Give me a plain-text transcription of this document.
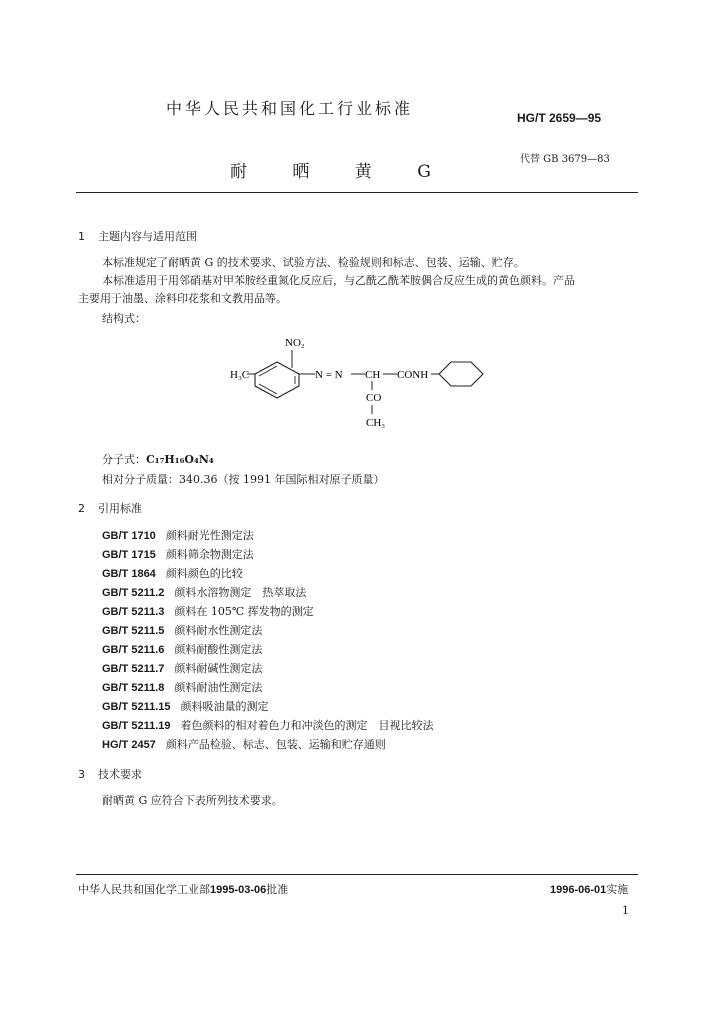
中华人民共和国化工行业标准	HG/T 2659—95
耐 晒 黄 G
代替 GB 3679—83
1 主题内容与适用范围
本标准规定了耐晒黄 G 的技术要求、试验方法、检验规则和标志、包装、运输、贮存。
本标准适用于用邻硝基对甲苯胺经重氮化反应后，与乙酰乙酰苯胺偶合反应生成的黄色颜料。产品
主要用于油墨、涂料印花浆和文教用品等。
结构式：
NO₂
H₃C	N = N CH CONH
CO
CH₃
分子式：C₁₇H₁₆O₄N₄
相对分子质量：340.36（按 1991 年国际相对原子质量）
2 引用标准
GB/T 1710 颜料耐光性测定法
GB/T 1715 颜料筛余物测定法
GB/T 1864 颜料颜色的比较
GB/T 5211.2 颜料水溶物测定　热萃取法
GB/T 5211.3 颜料在 105℃ 挥发物的测定
GB/T 5211.5 颜料耐水性测定法
GB/T 5211.6 颜料耐酸性测定法
GB/T 5211.7 颜料耐碱性测定法
GB/T 5211.8 颜料耐油性测定法
GB/T 5211.15 颜料吸油量的测定
GB/T 5211.19 着色颜料的相对着色力和冲淡色的测定　目视比较法
HG/T 2457 颜料产品检验、标志、包装、运输和贮存通则
3 技术要求
耐晒黄 G 应符合下表所列技术要求。
中华人民共和国化学工业部1995-03-06批准	1996-06-01实施
1
